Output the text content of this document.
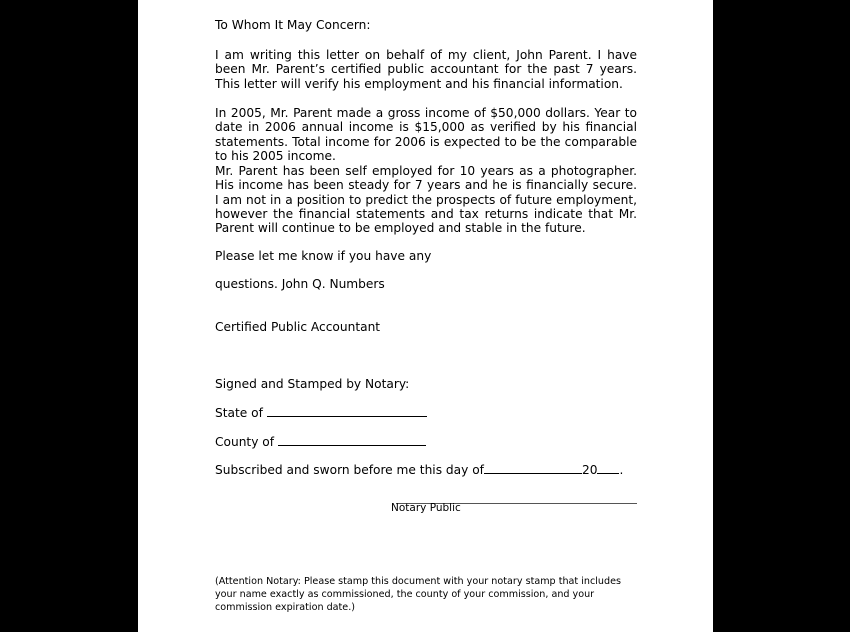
To Whom It May Concern:
I am writing this letter on behalf of my client, John Parent. I have been Mr. Parent’s certified public accountant for the past 7 years. This letter will verify his employment and his financial information.
In 2005, Mr. Parent made a gross income of $50,000 dollars. Year to date in 2006 annual income is $15,000 as verified by his financial statements. Total income for 2006 is expected to be the comparable to his 2005 income.
Mr. Parent has been self employed for 10 years as a photographer. His income has been steady for 7 years and he is financially secure. I am not in a position to predict the prospects of future employment, however the financial statements and tax returns indicate that Mr. Parent will continue to be employed and stable in the future.
Please let me know if you have any
questions. John Q. Numbers
Certified Public Accountant
Signed and Stamped by Notary:
State of
County of
Subscribed and sworn before me this day of	20 .
Notary Public
(Attention Notary: Please stamp this document with your notary stamp that includes your name exactly as commissioned, the county of your commission, and your commission expiration date.)
